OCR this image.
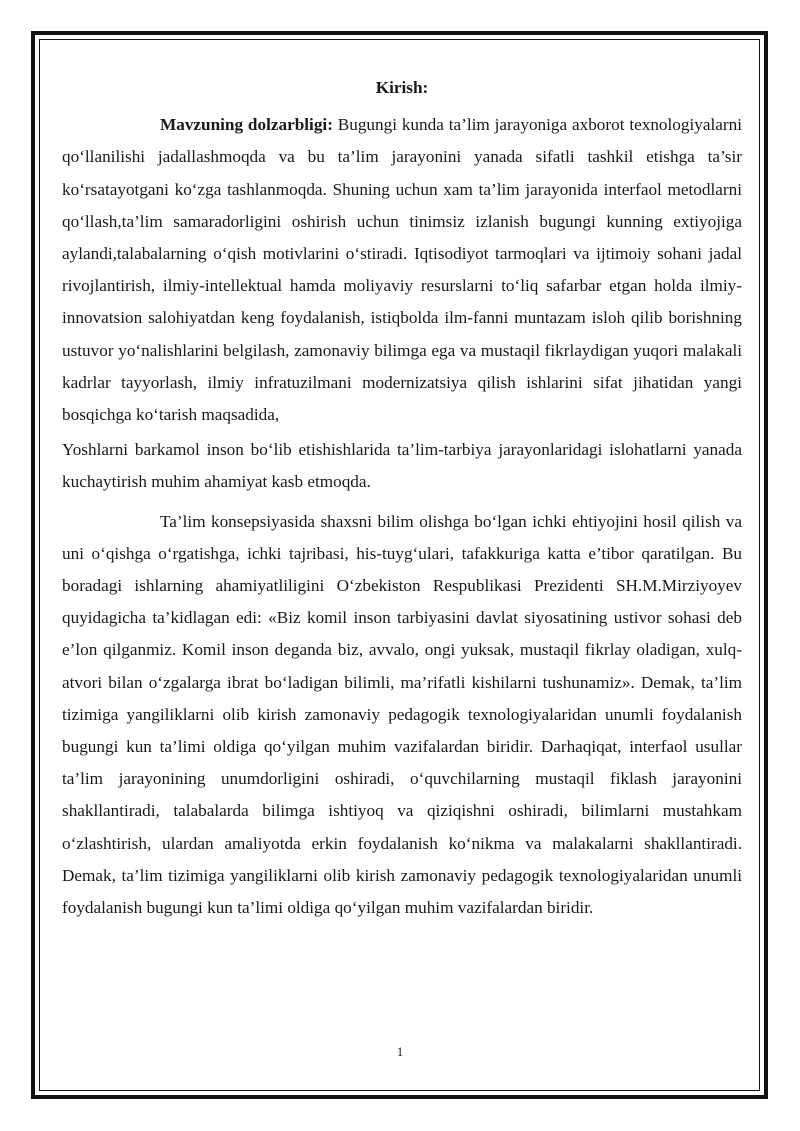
Kirish:

Mavzuning dolzarbligi: Bugungi kunda ta’lim jarayoniga axborot texnologiyalarni qo‘llanilishi jadallashmoqda va bu ta’lim jarayonini yanada sifatli tashkil etishga ta’sir ko‘rsatayotgani ko‘zga tashlanmoqda. Shuning uchun xam ta’lim jarayonida interfaol metodlarni qo‘llash,ta’lim samaradorligini oshirish uchun tinimsiz izlanish bugungi kunning extiyojiga aylandi,talabalarning o‘qish motivlarini o‘stiradi. Iqtisodiyot tarmoqlari va ijtimoiy sohani jadal rivojlantirish, ilmiy-intellektual hamda moliyaviy resurslarni to‘liq safarbar etgan holda ilmiy-innovatsion salohiyatdan keng foydalanish, istiqbolda ilm-fanni muntazam isloh qilib borishning ustuvor yo‘nalishlarini belgilash, zamonaviy bilimga ega va mustaqil fikrlaydigan yuqori malakali kadrlar tayyorlash, ilmiy infratuzilmani modernizatsiya qilish ishlarini sifat jihatidan yangi bosqichga ko‘tarish maqsadida,

Yoshlarni barkamol inson bo‘lib etishishlarida ta’lim-tarbiya jarayonlaridagi islohatlarni yanada kuchaytirish muhim ahamiyat kasb etmoqda.

Ta’lim konsepsiyasida shaxsni bilim olishga bo‘lgan ichki ehtiyojini hosil qilish va uni o‘qishga o‘rgatishga, ichki tajribasi, his-tuyg‘ulari, tafakkuriga katta e’tibor qaratilgan. Bu boradagi ishlarning ahamiyatliligini O‘zbekiston Respublikasi Prezidenti SH.M.Mirziyoyev quyidagicha ta’kidlagan edi: «Biz komil inson tarbiyasini davlat siyosatining ustivor sohasi deb e’lon qilganmiz. Komil inson deganda biz, avvalo, ongi yuksak, mustaqil fikrlay oladigan, xulq-atvori bilan o‘zgalarga ibrat bo‘ladigan bilimli, ma’rifatli kishilarni tushunamiz». Demak, ta’lim tizimiga yangiliklarni olib kirish zamonaviy pedagogik texnologiyalaridan unumli foydalanish bugungi kun ta’limi oldiga qo‘yilgan muhim vazifalardan biridir. Darhaqiqat, interfaol usullar ta’lim jarayonining unumdorligini oshiradi, o‘quvchilarning mustaqil fiklash jarayonini shakllantiradi, talabalarda bilimga ishtiyoq va qiziqishni oshiradi, bilimlarni mustahkam o‘zlashtirish, ulardan amaliyotda erkin foydalanish ko‘nikma va malakalarni shakllantiradi. Demak, ta’lim tizimiga yangiliklarni olib kirish zamonaviy pedagogik texnologiyalaridan unumli foydalanish bugungi kun ta’limi oldiga qo‘yilgan muhim vazifalardan biridir.

1
